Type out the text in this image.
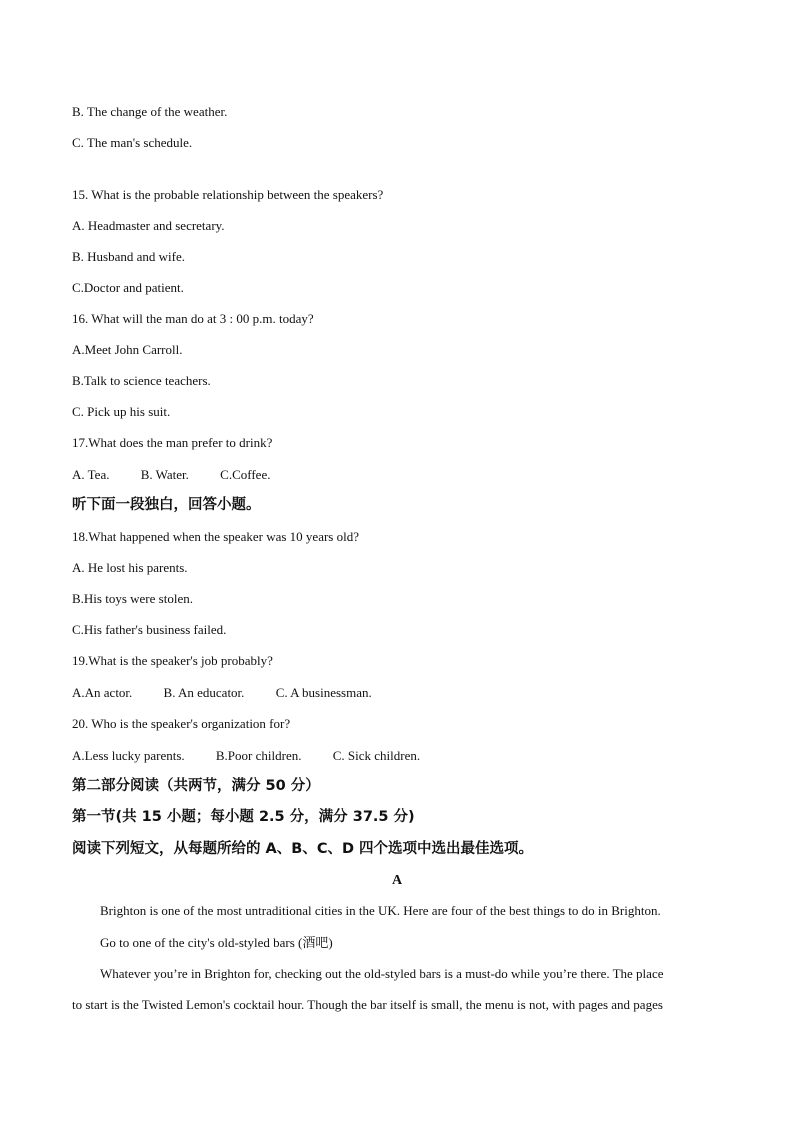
B. The change of the weather.
C. The man's schedule.
15. What is the probable relationship between the speakers?
A. Headmaster and secretary.
B. Husband and wife.
C.Doctor and patient.
16. What will the man do at 3 : 00 p.m. today?
A.Meet John Carroll.
B.Talk to science teachers.
C. Pick up his suit.
17.What does the man prefer to drink?
A. Tea. B. Water. C.Coffee.
听下面一段独白，回答小题。
18.What happened when the speaker was 10 years old?
A. He lost his parents.
B.His toys were stolen.
C.His father's business failed.
19.What is the speaker's job probably?
A.An actor. B. An educator. C. A businessman.
20. Who is the speaker's organization for?
A.Less lucky parents. B.Poor children. C. Sick children.
第二部分阅读（共两节，满分 50 分）
第一节(共 15 小题；每小题 2.5 分，满分 37.5 分)
阅读下列短文，从每题所给的 A、B、C、D 四个选项中选出最佳选项。
A
Brighton is one of the most untraditional cities in the UK. Here are four of the best things to do in Brighton.
Go to one of the city's old-styled bars (酒吧)
Whatever you’re in Brighton for, checking out the old-styled bars is a must-do while you’re there. The place
to start is the Twisted Lemon's cocktail hour. Though the bar itself is small, the menu is not, with pages and pages
